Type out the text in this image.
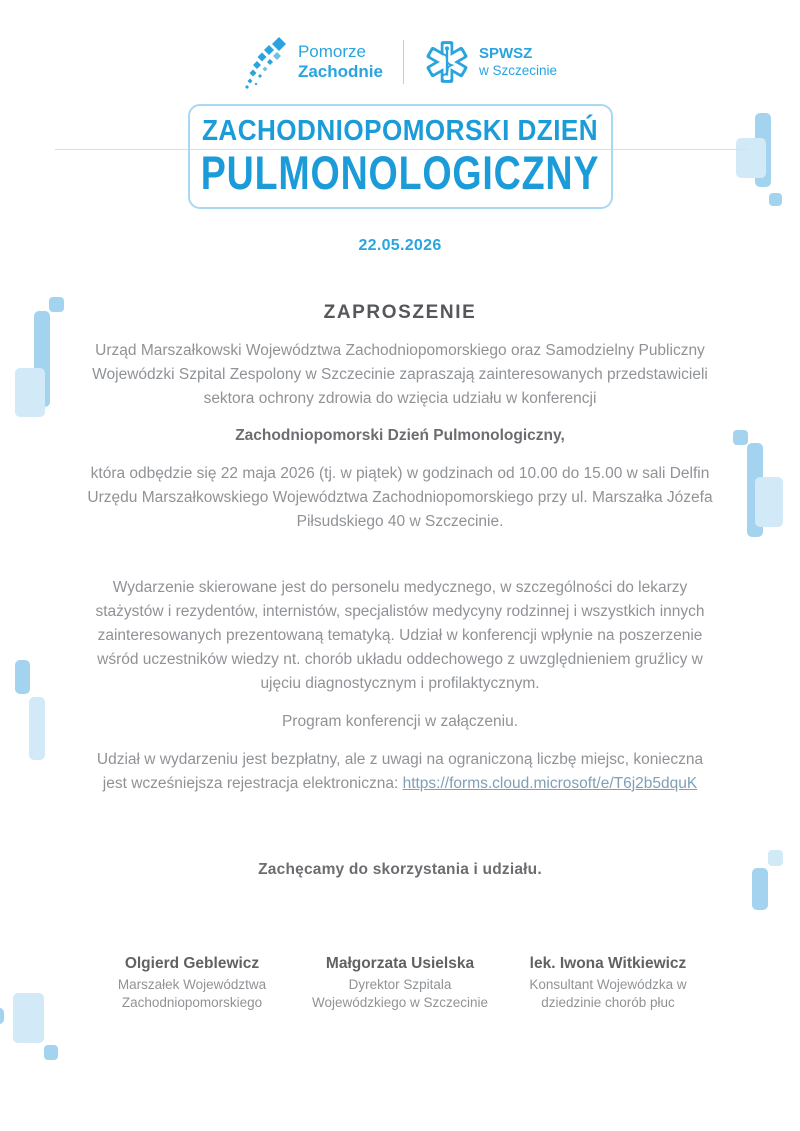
Pomorze
Zachodnie
SPWSZ
w Szczecinie
ZACHODNIOPOMORSKI DZIEŃ
PULMONOLOGICZNY
22.05.2026
ZAPROSZENIE

Urząd Marszałkowski Województwa Zachodniopomorskiego oraz Samodzielny Publiczny Wojewódzki Szpital Zespolony w Szczecinie zapraszają zainteresowanych przedstawicieli sektora ochrony zdrowia do wzięcia udziału w konferencji

Zachodniopomorski Dzień Pulmonologiczny,

która odbędzie się 22 maja 2026 (tj. w piątek) w godzinach od 10.00 do 15.00 w sali Delfin Urzędu Marszałkowskiego Województwa Zachodniopomorskiego przy ul. Marszałka Józefa Piłsudskiego 40 w Szczecinie.

Wydarzenie skierowane jest do personelu medycznego, w szczególności do lekarzy stażystów i rezydentów, internistów, specjalistów medycyny rodzinnej i wszystkich innych zainteresowanych prezentowaną tematyką. Udział w konferencji wpłynie na poszerzenie wśród uczestników wiedzy nt. chorób układu oddechowego z uwzględnieniem gruźlicy w ujęciu diagnostycznym i profilaktycznym.

Program konferencji w załączeniu.

Udział w wydarzeniu jest bezpłatny, ale z uwagi na ograniczoną liczbę miejsc, konieczna jest wcześniejsza rejestracja elektroniczna: https://forms.cloud.microsoft/e/T6j2b5dquK

Zachęcamy do skorzystania i udziału.

Olgierd Geblewicz
Marszałek Województwa
Zachodniopomorskiego
Małgorzata Usielska
Dyrektor Szpitala
Wojewódzkiego w Szczecinie
lek. Iwona Witkiewicz
Konsultant Wojewódzka w
dziedzinie chorób płuc
